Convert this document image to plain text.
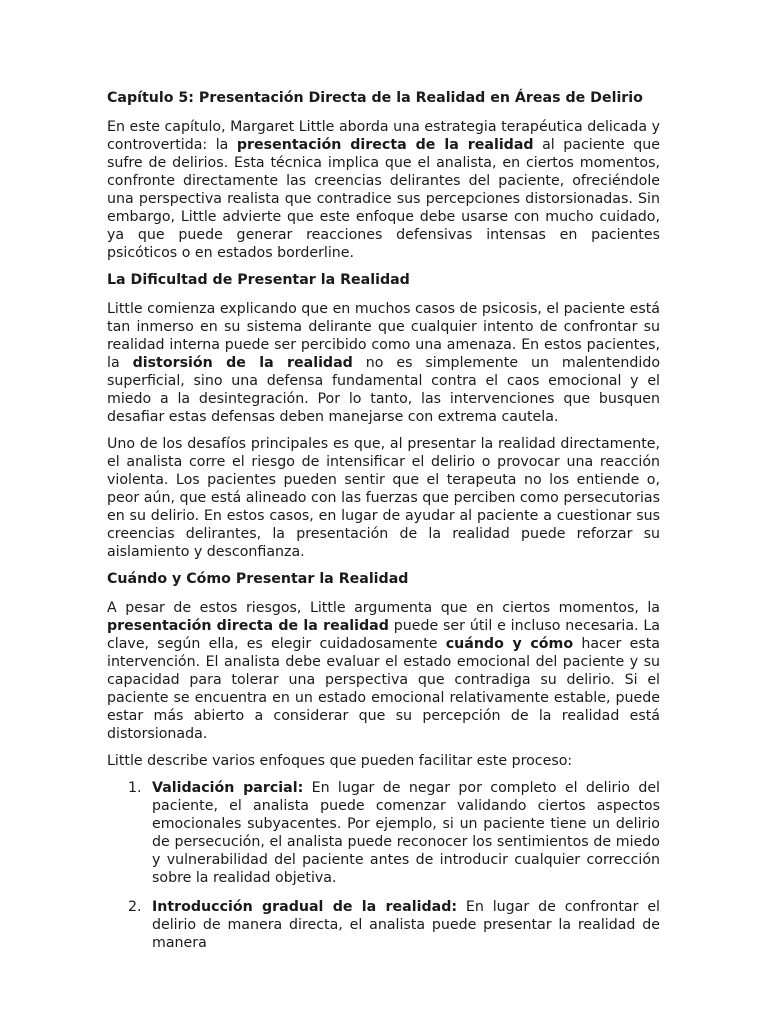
Capítulo 5: Presentación Directa de la Realidad en Áreas de Delirio

En este capítulo, Margaret Little aborda una estrategia terapéutica delicada y controvertida: la presentación directa de la realidad al paciente que sufre de delirios. Esta técnica implica que el analista, en ciertos momentos, confronte directamente las creencias delirantes del paciente, ofreciéndole una perspectiva realista que contradice sus percepciones distorsionadas. Sin embargo, Little advierte que este enfoque debe usarse con mucho cuidado, ya que puede generar reacciones defensivas intensas en pacientes psicóticos o en estados borderline.

La Dificultad de Presentar la Realidad

Little comienza explicando que en muchos casos de psicosis, el paciente está tan inmerso en su sistema delirante que cualquier intento de confrontar su realidad interna puede ser percibido como una amenaza. En estos pacientes, la distorsión de la realidad no es simplemente un malentendido superficial, sino una defensa fundamental contra el caos emocional y el miedo a la desintegración. Por lo tanto, las intervenciones que busquen desafiar estas defensas deben manejarse con extrema cautela.

Uno de los desafíos principales es que, al presentar la realidad directamente, el analista corre el riesgo de intensificar el delirio o provocar una reacción violenta. Los pacientes pueden sentir que el terapeuta no los entiende o, peor aún, que está alineado con las fuerzas que perciben como persecutorias en su delirio. En estos casos, en lugar de ayudar al paciente a cuestionar sus creencias delirantes, la presentación de la realidad puede reforzar su aislamiento y desconfianza.

Cuándo y Cómo Presentar la Realidad

A pesar de estos riesgos, Little argumenta que en ciertos momentos, la presentación directa de la realidad puede ser útil e incluso necesaria. La clave, según ella, es elegir cuidadosamente cuándo y cómo hacer esta intervención. El analista debe evaluar el estado emocional del paciente y su capacidad para tolerar una perspectiva que contradiga su delirio. Si el paciente se encuentra en un estado emocional relativamente estable, puede estar más abierto a considerar que su percepción de la realidad está distorsionada.

Little describe varios enfoques que pueden facilitar este proceso:

1. Validación parcial: En lugar de negar por completo el delirio del paciente, el analista puede comenzar validando ciertos aspectos emocionales subyacentes. Por ejemplo, si un paciente tiene un delirio de persecución, el analista puede reconocer los sentimientos de miedo y vulnerabilidad del paciente antes de introducir cualquier corrección sobre la realidad objetiva.
2. Introducción gradual de la realidad: En lugar de confrontar el delirio de manera directa, el analista puede presentar la realidad de manera
